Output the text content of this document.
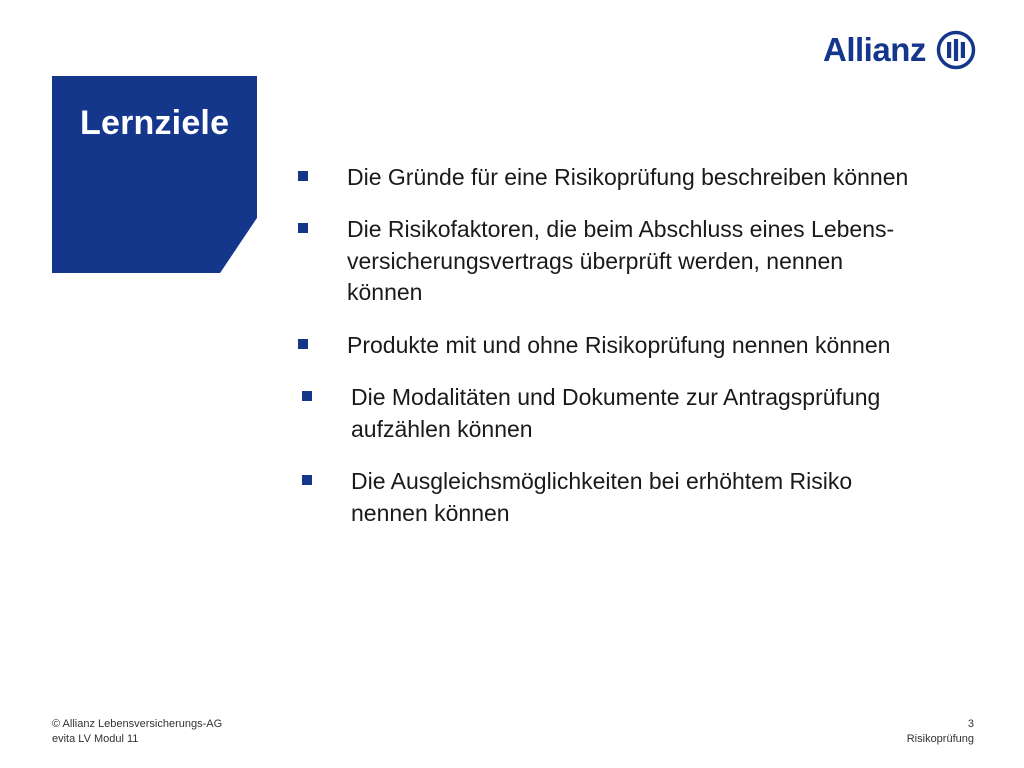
Lernziele
Allianz
Die Gründe für eine Risikoprüfung beschreiben können
Die Risikofaktoren, die beim Abschluss eines Lebens-
versicherungsvertrags überprüft werden, nennen
können
Produkte mit und ohne Risikoprüfung nennen können
Die Modalitäten und Dokumente zur Antragsprüfung
aufzählen können
Die Ausgleichsmöglichkeiten bei erhöhtem Risiko
nennen können
© Allianz Lebensversicherungs-AG
evita LV Modul 11
3
Risikoprüfung
